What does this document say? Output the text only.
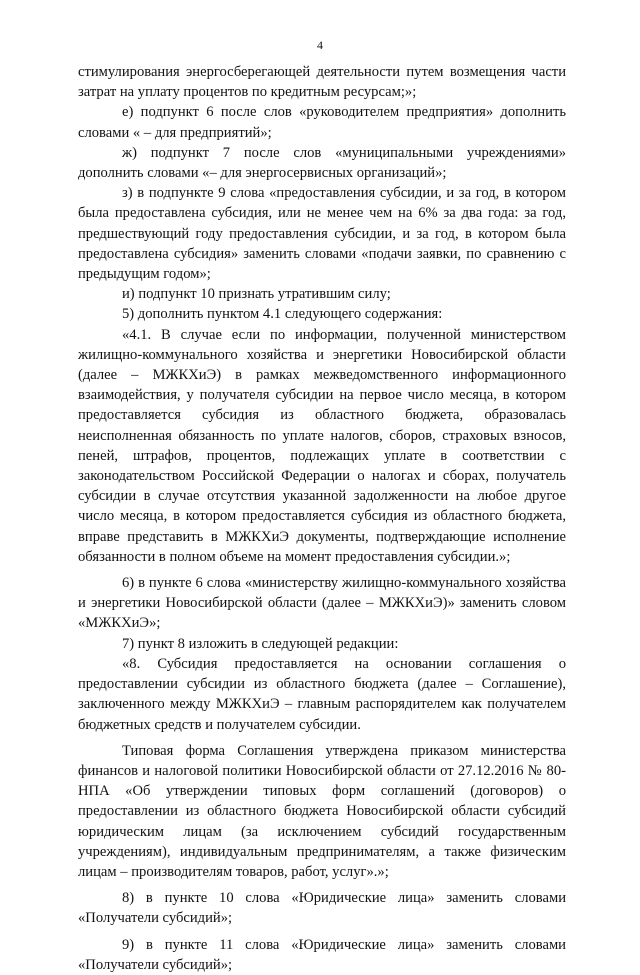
4

стимулирования энергосберегающей деятельности путем возмещения части затрат на уплату процентов по кредитным ресурсам;»;

е) подпункт 6 после слов «руководителем предприятия» дополнить словами « – для предприятий»;

ж) подпункт 7 после слов «муниципальными учреждениями» дополнить словами «– для энергосервисных организаций»;

з) в подпункте 9 слова «предоставления субсидии, и за год, в котором была предоставлена субсидия, или не менее чем на 6% за два года: за год, предшествующий году предоставления субсидии, и за год, в котором была предоставлена субсидия» заменить словами «подачи заявки, по сравнению с предыдущим годом»;

и) подпункт 10 признать утратившим силу;

5) дополнить пунктом 4.1 следующего содержания:

«4.1. В случае если по информации, полученной министерством жилищно-коммунального хозяйства и энергетики Новосибирской области (далее – МЖКХиЭ) в рамках межведомственного информационного взаимодействия, у получателя субсидии на первое число месяца, в котором предоставляется субсидия из областного бюджета, образовалась неисполненная обязанность по уплате налогов, сборов, страховых взносов, пеней, штрафов, процентов, подлежащих уплате в соответствии с законодательством Российской Федерации о налогах и сборах, получатель субсидии в случае отсутствия указанной задолженности на любое другое число месяца, в котором предоставляется субсидия из областного бюджета, вправе представить в МЖКХиЭ документы, подтверждающие исполнение обязанности в полном объеме на момент предоставления субсидии.»;

6) в пункте 6 слова «министерству жилищно-коммунального хозяйства и энергетики Новосибирской области (далее – МЖКХиЭ)» заменить словом «МЖКХиЭ»;

7) пункт 8 изложить в следующей редакции:

«8. Субсидия предоставляется на основании соглашения о предоставлении субсидии из областного бюджета (далее – Соглашение), заключенного между МЖКХиЭ – главным распорядителем как получателем бюджетных средств и получателем субсидии.

Типовая форма Соглашения утверждена приказом министерства финансов и налоговой политики Новосибирской области от 27.12.2016 № 80-НПА «Об утверждении типовых форм соглашений (договоров) о предоставлении из областного бюджета Новосибирской области субсидий юридическим лицам (за исключением субсидий государственным учреждениям), индивидуальным предпринимателям, а также физическим лицам – производителям товаров, работ, услуг».»;

8) в пункте 10 слова «Юридические лица» заменить словами «Получатели субсидий»;

9) в пункте 11 слова «Юридические лица» заменить словами «Получатели субсидий»;
